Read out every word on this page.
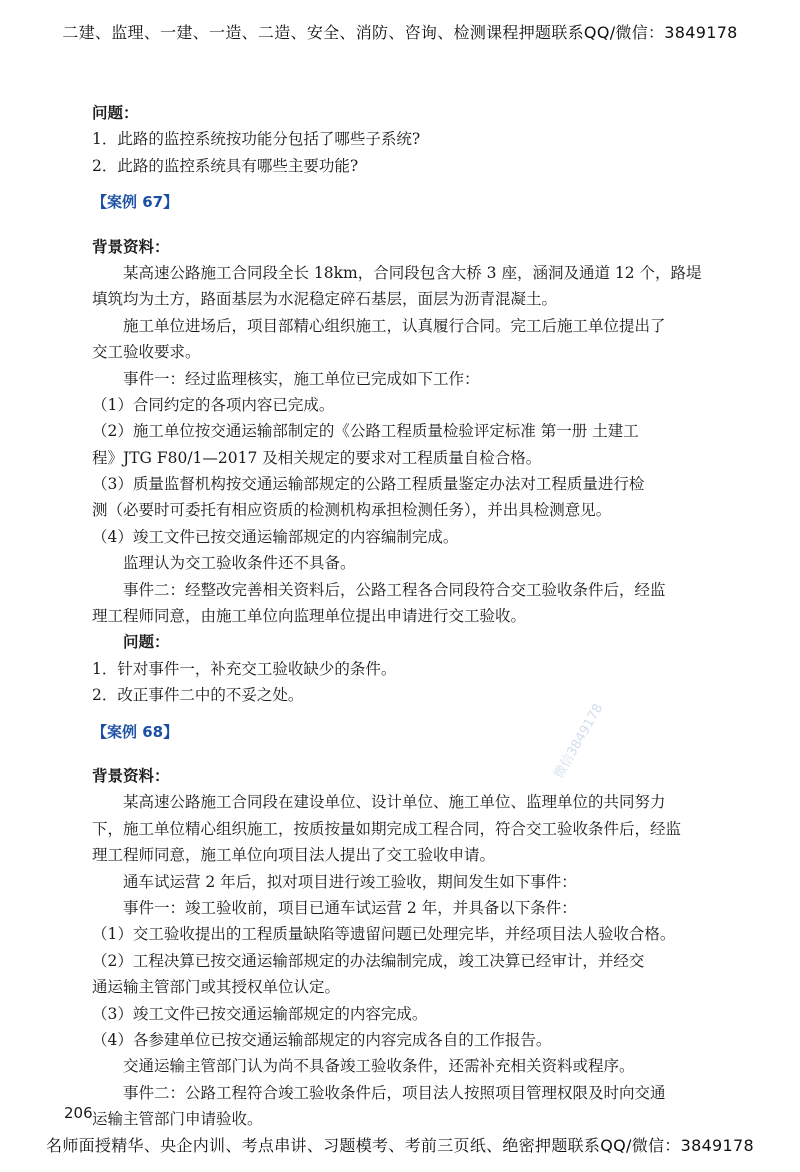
二建、监理、一建、一造、二造、安全、消防、咨询、检测课程押题联系QQ/微信：3849178
微信3849178
问题：
1．此路的监控系统按功能分包括了哪些子系统?
2．此路的监控系统具有哪些主要功能?
【案例 67】
背景资料：
某高速公路施工合同段全长 18km，合同段包含大桥 3 座，涵洞及通道 12 个，路堤
填筑均为土方，路面基层为水泥稳定碎石基层，面层为沥青混凝土。
施工单位进场后，项目部精心组织施工，认真履行合同。完工后施工单位提出了
交工验收要求。
事件一：经过监理核实，施工单位已完成如下工作：
（1）合同约定的各项内容已完成。
（2）施工单位按交通运输部制定的《公路工程质量检验评定标准 第一册 土建工
程》JTG F80/1—2017 及相关规定的要求对工程质量自检合格。
（3）质量监督机构按交通运输部规定的公路工程质量鉴定办法对工程质量进行检
测（必要时可委托有相应资质的检测机构承担检测任务），并出具检测意见。
（4）竣工文件已按交通运输部规定的内容编制完成。
监理认为交工验收条件还不具备。
事件二：经整改完善相关资料后，公路工程各合同段符合交工验收条件后，经监
理工程师同意，由施工单位向监理单位提出申请进行交工验收。
问题：
1．针对事件一，补充交工验收缺少的条件。
2．改正事件二中的不妥之处。
【案例 68】
背景资料：
某高速公路施工合同段在建设单位、设计单位、施工单位、监理单位的共同努力
下，施工单位精心组织施工，按质按量如期完成工程合同，符合交工验收条件后，经监
理工程师同意，施工单位向项目法人提出了交工验收申请。
通车试运营 2 年后，拟对项目进行竣工验收，期间发生如下事件：
事件一：竣工验收前，项目已通车试运营 2 年，并具备以下条件：
（1）交工验收提出的工程质量缺陷等遗留问题已处理完毕，并经项目法人验收合格。
（2）工程决算已按交通运输部规定的办法编制完成，竣工决算已经审计，并经交
通运输主管部门或其授权单位认定。
（3）竣工文件已按交通运输部规定的内容完成。
（4）各参建单位已按交通运输部规定的内容完成各自的工作报告。
交通运输主管部门认为尚不具备竣工验收条件，还需补充相关资料或程序。
事件二：公路工程符合竣工验收条件后，项目法人按照项目管理权限及时向交通
运输主管部门申请验收。
206
名师面授精华、央企内训、考点串讲、习题模考、考前三页纸、绝密押题联系QQ/微信：3849178
